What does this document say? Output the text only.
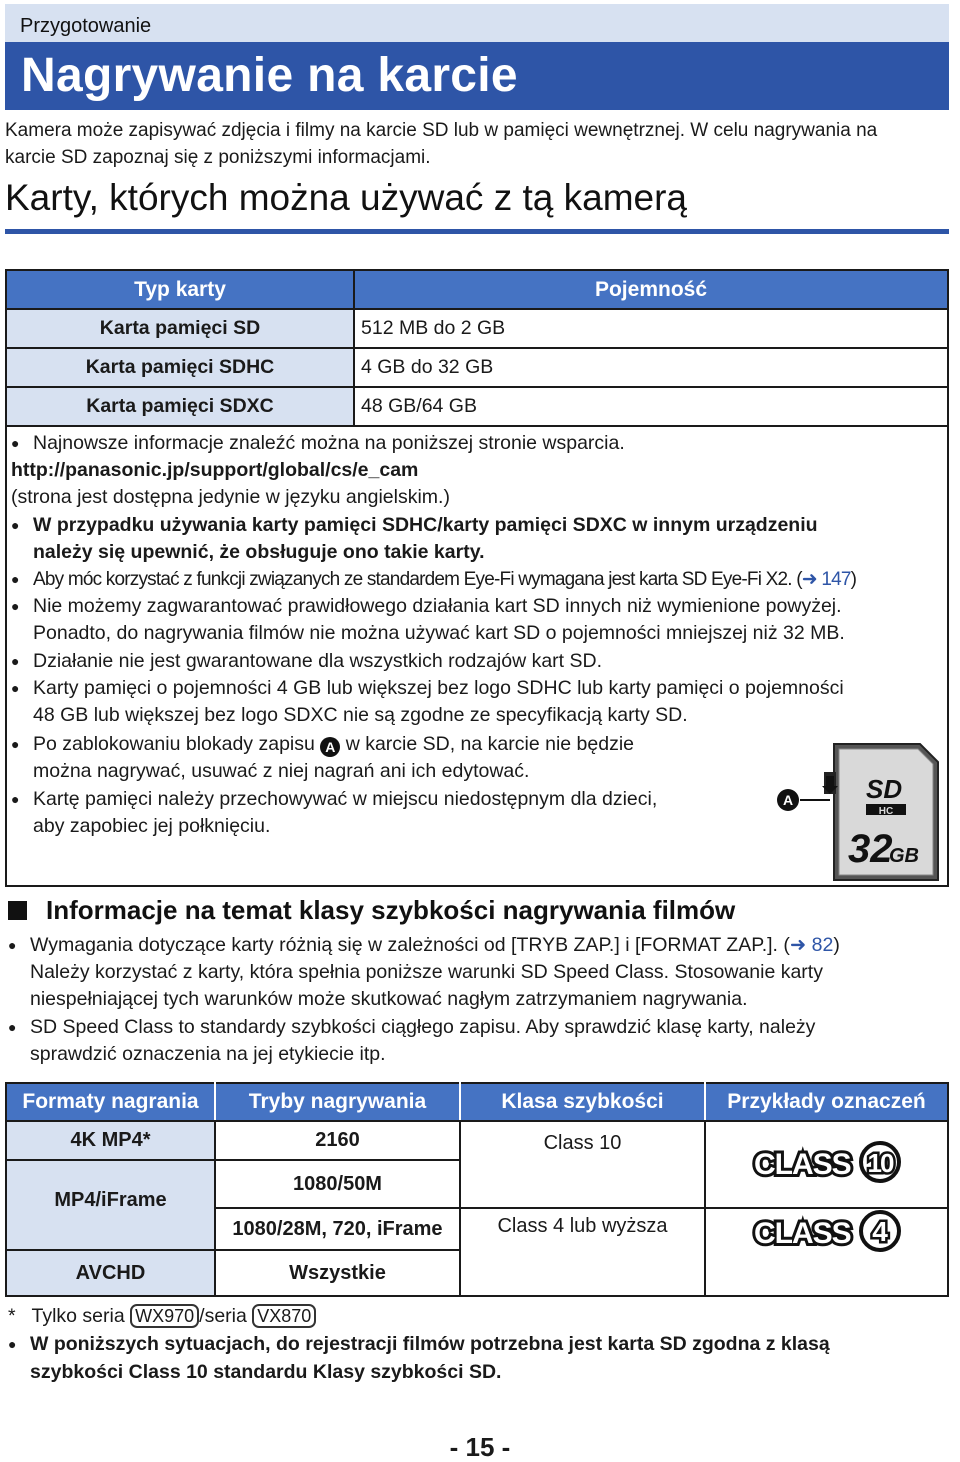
Przygotowanie
Nagrywanie na karcie
Kamera może zapisywać zdjęcia i filmy na karcie SD lub w pamięci wewnętrznej. W celu nagrywania na karcie SD zapoznaj się z poniższymi informacjami.
Karty, których można używać z tą kamerą
Typ karty	Pojemność
Karta pamięci SD	512 MB do 2 GB
Karta pamięci SDHC	4 GB do 32 GB
Karta pamięci SDXC	48 GB/64 GB
● Najnowsze informacje znaleźć można na poniższej stronie wsparcia.
http://panasonic.jp/support/global/cs/e_cam
(strona jest dostępna jedynie w języku angielskim.)
● W przypadku używania karty pamięci SDHC/karty pamięci SDXC w innym urządzeniu
należy się upewnić, że obsługuje ono takie karty.
● Aby móc korzystać z funkcji związanych ze standardem Eye-Fi wymagana jest karta SD Eye-Fi X2. (➜ 147)
● Nie możemy zagwarantować prawidłowego działania kart SD innych niż wymienione powyżej.
Ponadto, do nagrywania filmów nie można używać kart SD o pojemności mniejszej niż 32 MB.
● Działanie nie jest gwarantowane dla wszystkich rodzajów kart SD.
● Karty pamięci o pojemności 4 GB lub większej bez logo SDHC lub karty pamięci o pojemności
48 GB lub większej bez logo SDXC nie są zgodne ze specyfikacją karty SD.
● Po zablokowaniu blokady zapisu A w karcie SD, na karcie nie będzie
można nagrywać, usuwać z niej nagrań ani ich edytować.
● Kartę pamięci należy przechowywać w miejscu niedostępnym dla dzieci,
aby zapobiec jej połknięciu.
A	SD
HC
32
GB
Informacje na temat klasy szybkości nagrywania filmów
● Wymagania dotyczące karty różnią się w zależności od [TRYB ZAP.] i [FORMAT ZAP.]. (➜ 82)
Należy korzystać z karty, która spełnia poniższe warunki SD Speed Class. Stosowanie karty
niespełniającej tych warunków może skutkować nagłym zatrzymaniem nagrywania.
● SD Speed Class to standardy szybkości ciągłego zapisu. Aby sprawdzić klasę karty, należy
sprawdzić oznaczenia na jej etykiecie itp.
Formaty nagrania	Tryby nagrywania	Klasa szybkości	Przykłady oznaczeń
4K MP4*	2160	Class 10	CLASS 10

MP4/iFrame	1080/50M		
	1080/28M, 720, iFrame	Class 4 lub wyższa	CLASS 4

AVCHD	Wszystkie		
* Tylko seria WX970 /seria VX870
● W poniższych sytuacjach, do rejestracji filmów potrzebna jest karta SD zgodna z klasą
szybkości Class 10 standardu Klasy szybkości SD.
- 15 -
